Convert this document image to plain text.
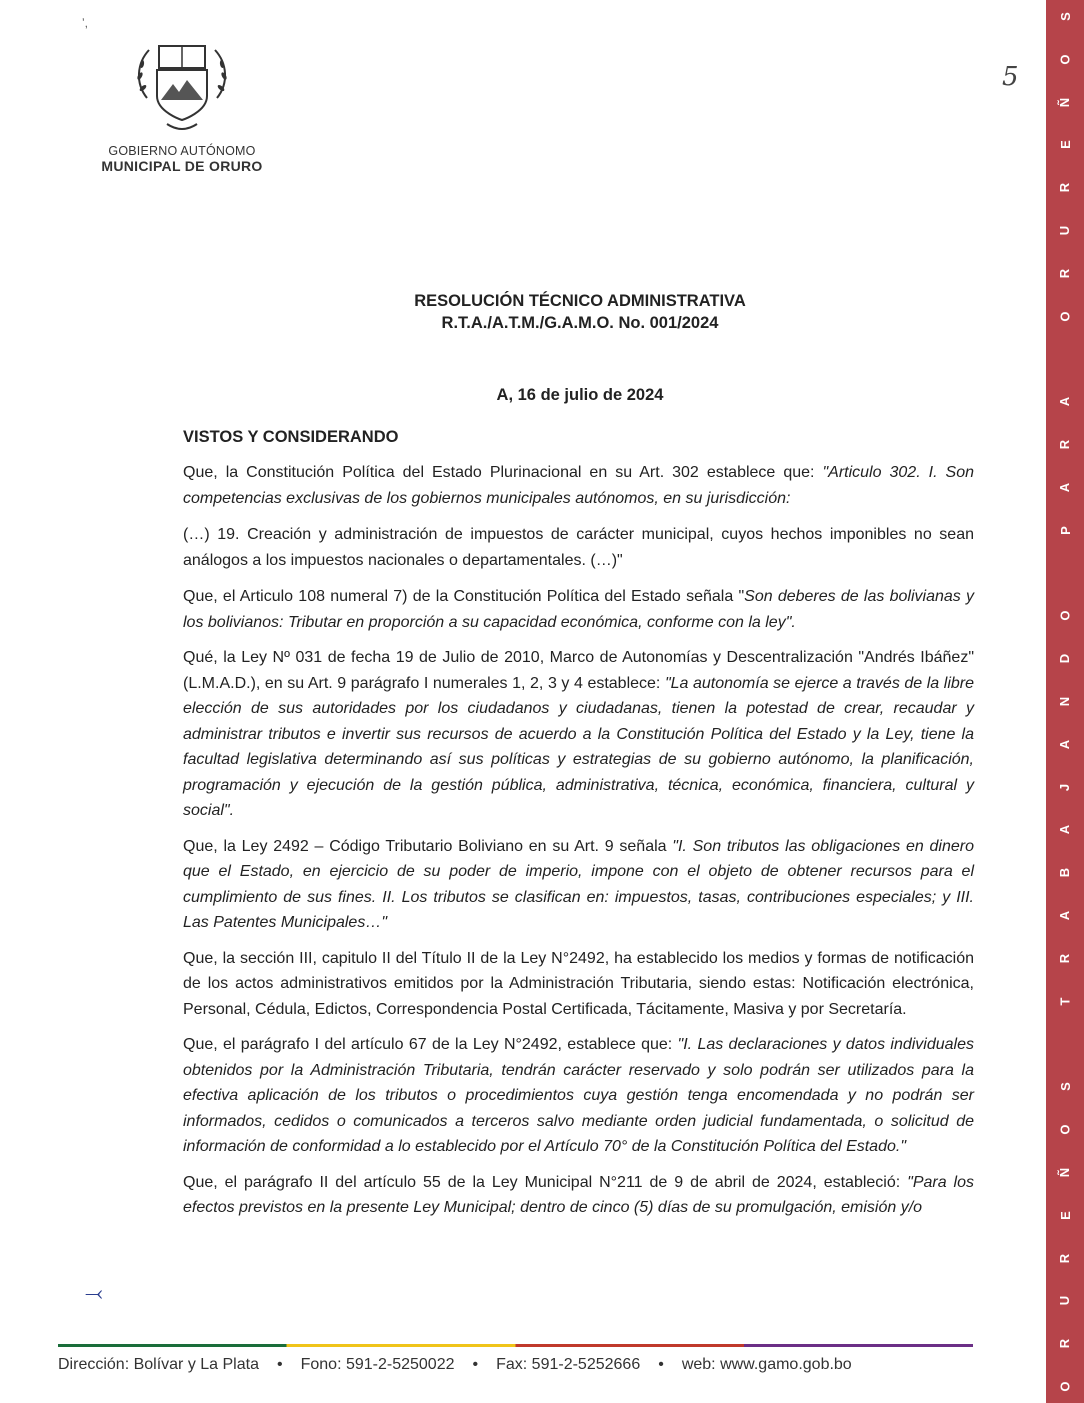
GOBIERNO AUTÓNOMO
MUNICIPAL DE ORURO
ʼ,
5
S
O
Ñ
E
R
U
R
O

A
R
A
P

O
D
N
A
J
A
B
A
R
T

S
O
Ñ
E
R
U
R
O
RESOLUCIÓN TÉCNICO ADMINISTRATIVA
R.T.A./A.T.M./G.A.M.O. No. 001/2024
A, 16 de julio de 2024
VISTOS Y CONSIDERANDO

Que, la Constitución Política del Estado Plurinacional en su Art. 302 establece que: "Articulo 302. I. Son competencias exclusivas de los gobiernos municipales autónomos, en su jurisdicción:

(…) 19. Creación y administración de impuestos de carácter municipal, cuyos hechos imponibles no sean análogos a los impuestos nacionales o departamentales. (…)"

Que, el Articulo 108 numeral 7) de la Constitución Política del Estado señala "Son deberes de las bolivianas y los bolivianos: Tributar en proporción a su capacidad económica, conforme con la ley".

Qué, la Ley Nº 031 de fecha 19 de Julio de 2010, Marco de Autonomías y Descentralización "Andrés Ibáñez" (L.M.A.D.), en su Art. 9 parágrafo I numerales 1, 2, 3 y 4 establece: "La autonomía se ejerce a través de la libre elección de sus autoridades por los ciudadanos y ciudadanas, tienen la potestad de crear, recaudar y administrar tributos e invertir sus recursos de acuerdo a la Constitución Política del Estado y la Ley, tiene la facultad legislativa determinando así sus políticas y estrategias de su gobierno autónomo, la planificación, programación y ejecución de la gestión pública, administrativa, técnica, económica, financiera, cultural y social".

Que, la Ley 2492 – Código Tributario Boliviano en su Art. 9 señala "I. Son tributos las obligaciones en dinero que el Estado, en ejercicio de su poder de imperio, impone con el objeto de obtener recursos para el cumplimiento de sus fines. II. Los tributos se clasifican en: impuestos, tasas, contribuciones especiales; y III. Las Patentes Municipales…"

Que, la sección III, capitulo II del Título II de la Ley N°2492, ha establecido los medios y formas de notificación de los actos administrativos emitidos por la Administración Tributaria, siendo estas: Notificación electrónica, Personal, Cédula, Edictos, Correspondencia Postal Certificada, Tácitamente, Masiva y por Secretaría.

Que, el parágrafo I del artículo 67 de la Ley N°2492, establece que: "I. Las declaraciones y datos individuales obtenidos por la Administración Tributaria, tendrán carácter reservado y solo podrán ser utilizados para la efectiva aplicación de los tributos o procedimientos cuya gestión tenga encomendada y no podrán ser informados, cedidos o comunicados a terceros salvo mediante orden judicial fundamentada, o solicitud de información de conformidad a lo establecido por el Artículo 70° de la Constitución Política del Estado."

Que, el parágrafo II del artículo 55 de la Ley Municipal N°211 de 9 de abril de 2024, estableció: "Para los efectos previstos en la presente Ley Municipal; dentro de cinco (5) días de su promulgación, emisión y/o

⤙
Dirección: Bolívar y La Plata • Fono: 591-2-5250022 • Fax: 591-2-5252666 • web: www.gamo.gob.bo
